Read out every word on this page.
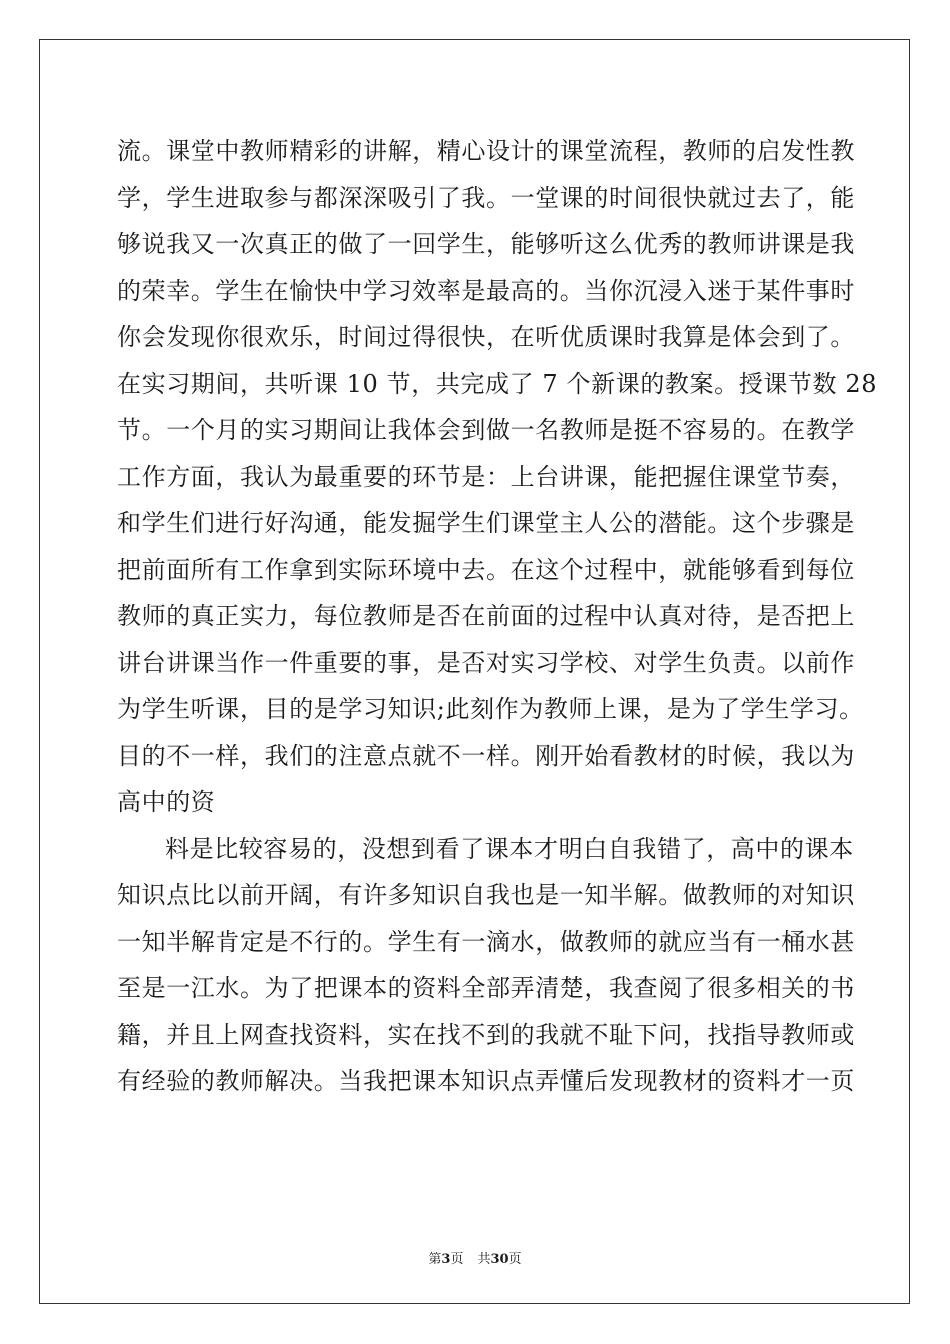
流。课堂中教师精彩的讲解，精心设计的课堂流程，教师的启发性教
学，学生进取参与都深深吸引了我。一堂课的时间很快就过去了，能
够说我又一次真正的做了一回学生，能够听这么优秀的教师讲课是我
的荣幸。学生在愉快中学习效率是最高的。当你沉浸入迷于某件事时
你会发现你很欢乐，时间过得很快，在听优质课时我算是体会到了。
在实习期间，共听课 10 节，共完成了 7 个新课的教案。授课节数 28
节。一个月的实习期间让我体会到做一名教师是挺不容易的。在教学
工作方面，我认为最重要的环节是：上台讲课，能把握住课堂节奏，
和学生们进行好沟通，能发掘学生们课堂主人公的潜能。这个步骤是
把前面所有工作拿到实际环境中去。在这个过程中，就能够看到每位
教师的真正实力，每位教师是否在前面的过程中认真对待，是否把上
讲台讲课当作一件重要的事，是否对实习学校、对学生负责。以前作
为学生听课，目的是学习知识;此刻作为教师上课，是为了学生学习。
目的不一样，我们的注意点就不一样。刚开始看教材的时候，我以为
高中的资
料是比较容易的，没想到看了课本才明白自我错了，高中的课本
知识点比以前开阔，有许多知识自我也是一知半解。做教师的对知识
一知半解肯定是不行的。学生有一滴水，做教师的就应当有一桶水甚
至是一江水。为了把课本的资料全部弄清楚，我查阅了很多相关的书
籍，并且上网查找资料，实在找不到的我就不耻下问，找指导教师或
有经验的教师解决。当我把课本知识点弄懂后发现教材的资料才一页
第3页 共30页
